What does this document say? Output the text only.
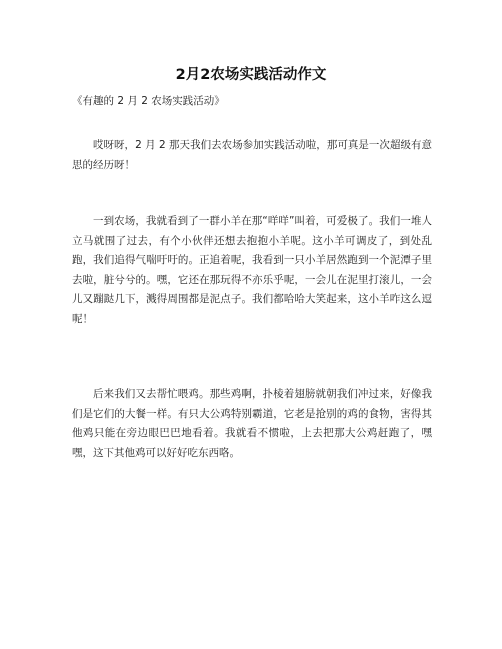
2月2农场实践活动作文
《有趣的 2 月 2 农场实践活动》

哎呀呀，2 月 2 那天我们去农场参加实践活动啦，那可真是一次超级有意思的经历呀！

一到农场，我就看到了一群小羊在那“咩咩”叫着，可爱极了。我们一堆人立马就围了过去，有个小伙伴还想去抱抱小羊呢。这小羊可调皮了，到处乱跑，我们追得气喘吁吁的。正追着呢，我看到一只小羊居然跑到一个泥潭子里去啦，脏兮兮的。嘿，它还在那玩得不亦乐乎呢，一会儿在泥里打滚儿，一会儿又蹦跶几下，溅得周围都是泥点子。我们都哈哈大笑起来，这小羊咋这么逗呢！

后来我们又去帮忙喂鸡。那些鸡啊，扑棱着翅膀就朝我们冲过来，好像我们是它们的大餐一样。有只大公鸡特别霸道，它老是抢别的鸡的食物，害得其他鸡只能在旁边眼巴巴地看着。我就看不惯啦，上去把那大公鸡赶跑了，嘿嘿，这下其他鸡可以好好吃东西咯。
